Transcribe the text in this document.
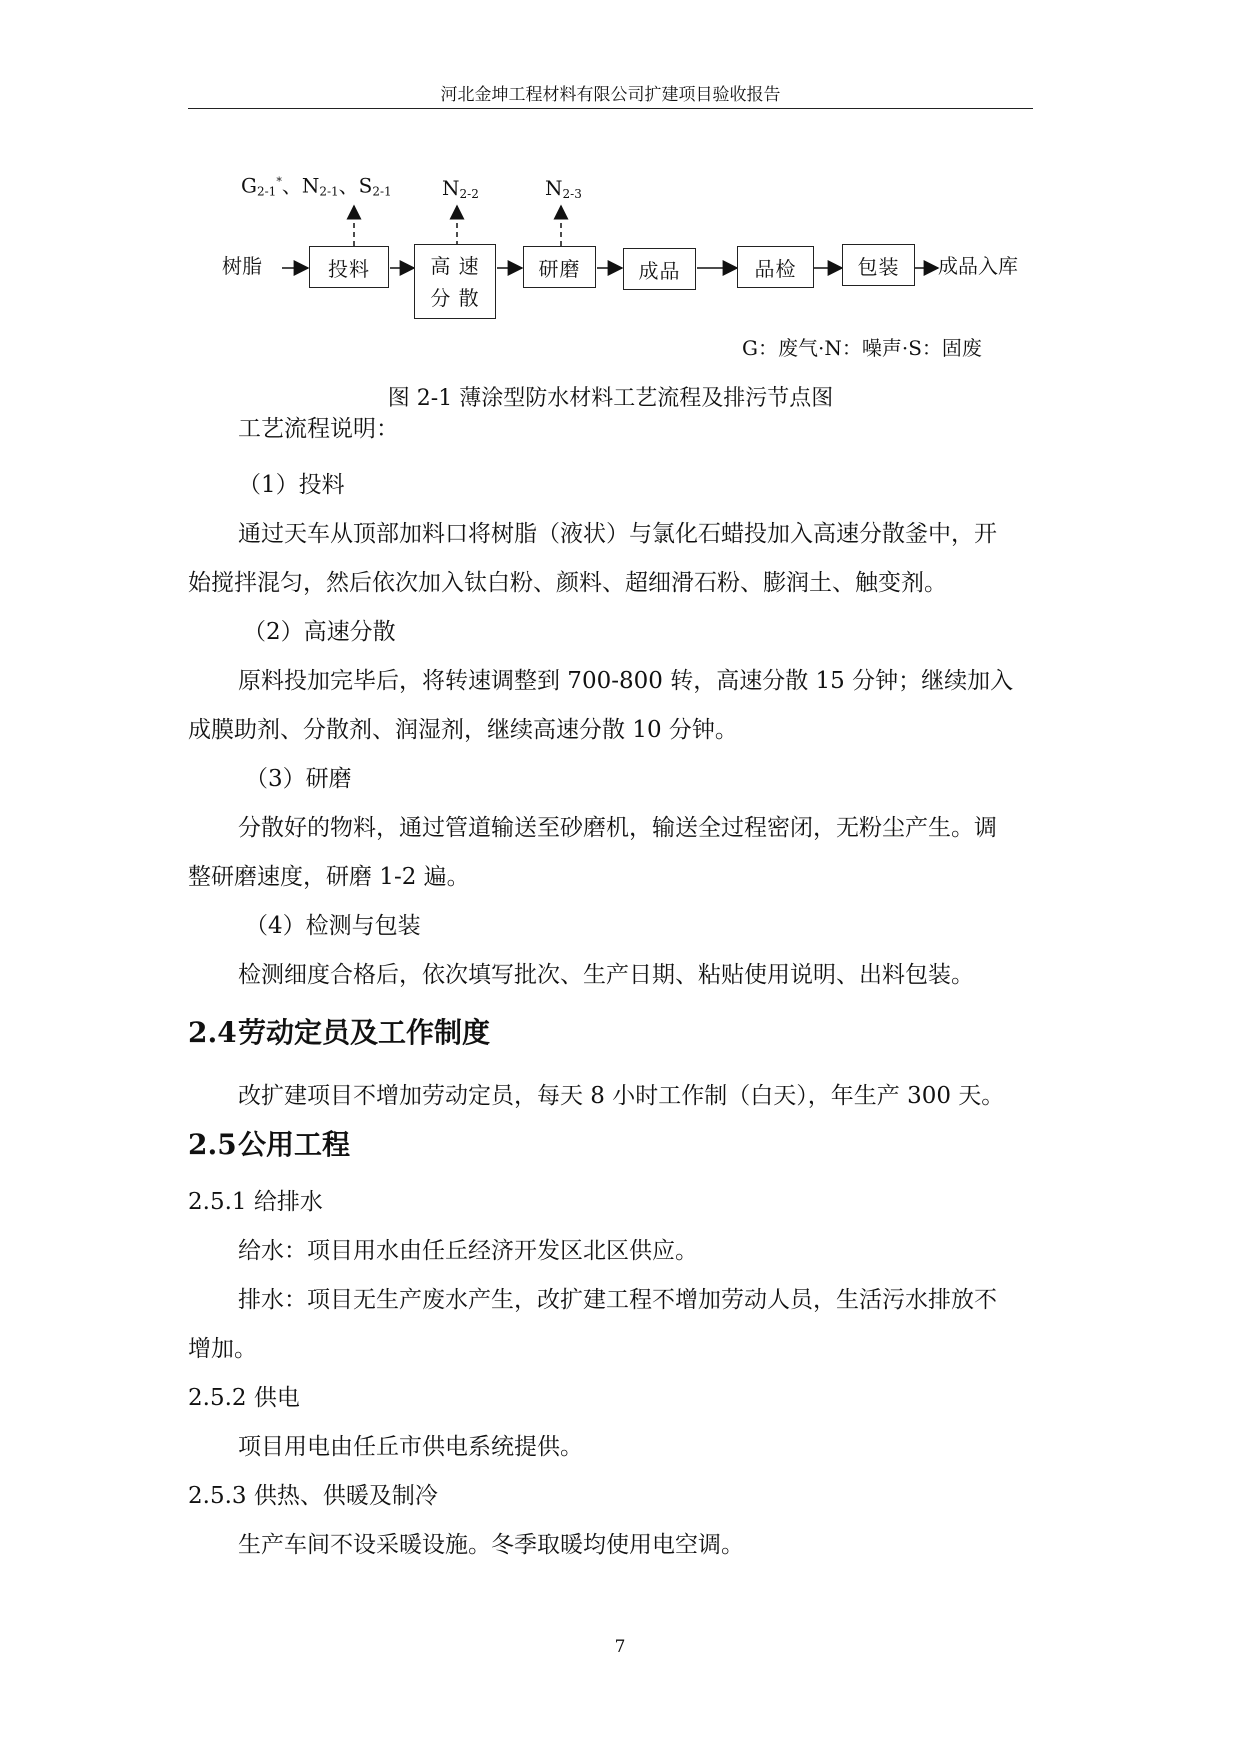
河北金坤工程材料有限公司扩建项目验收报告
$G_{2-1}^*$、$N_{2-1}$、$S_{2-1}$	$N_{2-2}$	$N_{2-3}$
树脂	投料	高 速
分 散
研磨	成品	品检	包装	成品入库
G：废气·N：噪声·S：固废
图 2-1 薄涂型防水材料工艺流程及排污节点图
工艺流程说明：
（1）投料
通过天车从顶部加料口将树脂（液状）与氯化石蜡投加入高速分散釜中，开
始搅拌混匀，然后依次加入钛白粉、颜料、超细滑石粉、膨润土、触变剂。
（2）高速分散
原料投加完毕后，将转速调整到 700-800 转，高速分散 15 分钟；继续加入
成膜助剂、分散剂、润湿剂，继续高速分散 10 分钟。
（3）研磨
分散好的物料，通过管道输送至砂磨机，输送全过程密闭，无粉尘产生。调
整研磨速度，研磨 1-2 遍。
（4）检测与包装
检测细度合格后，依次填写批次、生产日期、粘贴使用说明、出料包装。
2.4劳动定员及工作制度
改扩建项目不增加劳动定员，每天 8 小时工作制（白天），年生产 300 天。
2.5公用工程
2.5.1 给排水
给水：项目用水由任丘经济开发区北区供应。
排水：项目无生产废水产生，改扩建工程不增加劳动人员，生活污水排放不
增加。
2.5.2 供电
项目用电由任丘市供电系统提供。
2.5.3 供热、供暖及制冷
生产车间不设采暖设施。冬季取暖均使用电空调。
7
